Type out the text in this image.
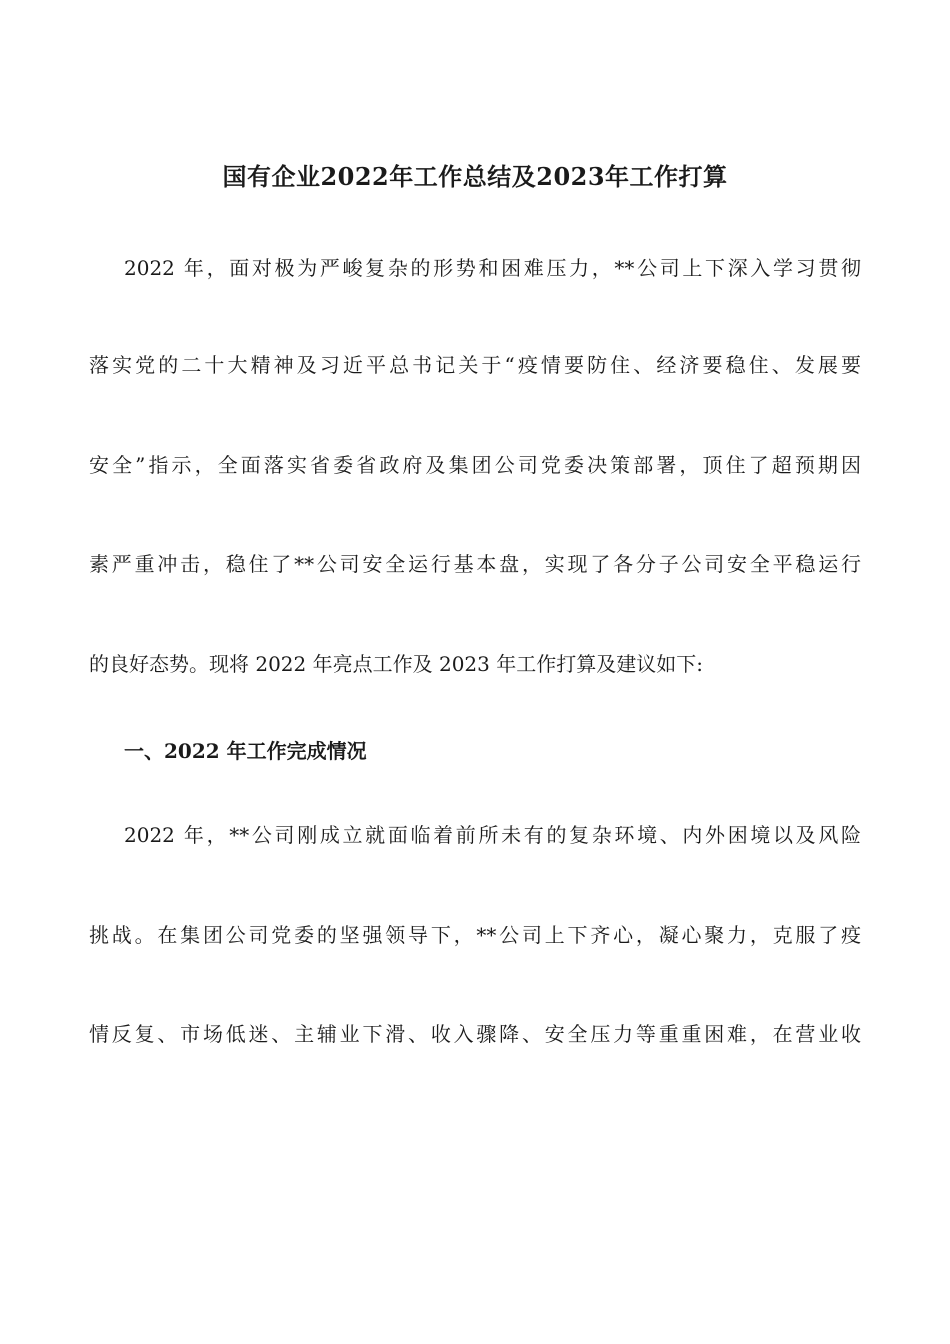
国有企业2022年工作总结及2023年工作打算

2022 年，面对极为严峻复杂的形势和困难压力，**公司上下深入学习贯彻

落实党的二十大精神及习近平总书记关于“疫情要防住、经济要稳住、发展要

安全”指示，全面落实省委省政府及集团公司党委决策部署，顶住了超预期因

素严重冲击，稳住了**公司安全运行基本盘，实现了各分子公司安全平稳运行

的良好态势。现将 2022 年亮点工作及 2023 年工作打算及建议如下:

一、2022 年工作完成情况

2022 年，**公司刚成立就面临着前所未有的复杂环境、内外困境以及风险

挑战。在集团公司党委的坚强领导下，**公司上下齐心，凝心聚力，克服了疫

情反复、市场低迷、主辅业下滑、收入骤降、安全压力等重重困难，在营业收
